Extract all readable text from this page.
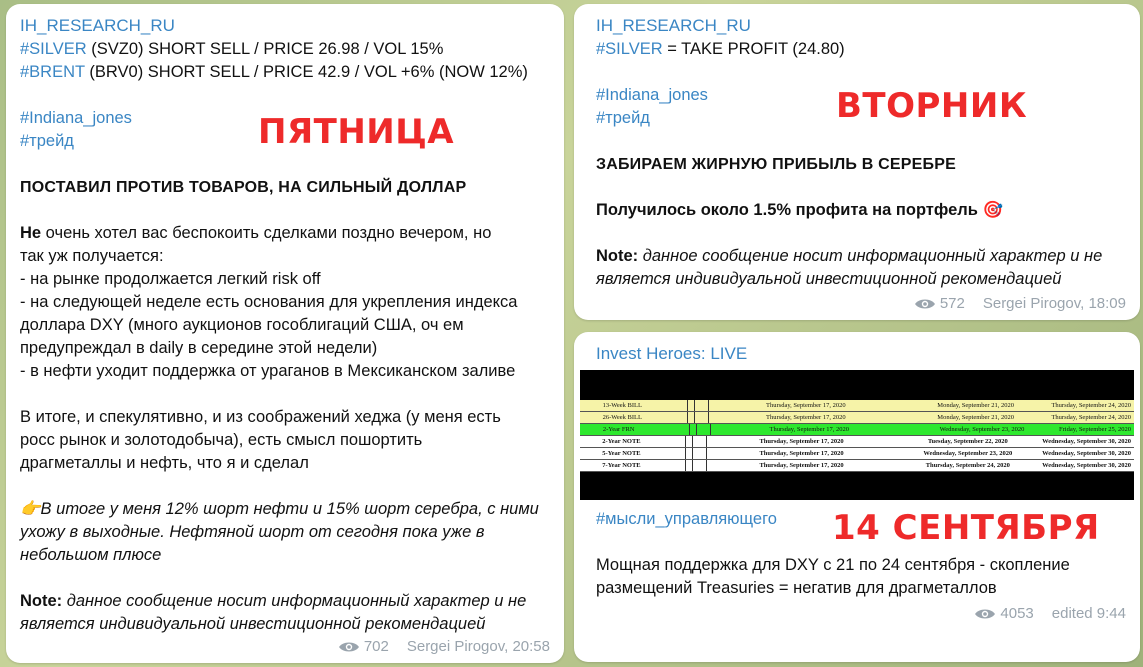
IH_RESEARCH_RU
#SILVER (SVZ0) SHORT SELL / PRICE 26.98 / VOL 15%
#BRENT (BRV0) SHORT SELL / PRICE 42.9 / VOL +6% (NOW 12%)
#Indiana_jones
#трейд	ПЯТНИЦА
ПОСТАВИЛ ПРОТИВ ТОВАРОВ, НА СИЛЬНЫЙ ДОЛЛАР
Не очень хотел вас беспокоить сделками поздно вечером, но
так уж получается:
- на рынке продолжается легкий risk off
- на следующей неделе есть основания для укрепления индекса
доллара DXY (много аукционов гособлигаций США, оч ем
предупреждал в daily в середине этой недели)
- в нефти уходит поддержка от ураганов в Мексиканском заливе
В итоге, и спекулятивно, и из соображений хеджа (у меня есть
росс рынок и золотодобыча), есть смысл пошортить
драгметаллы и нефть, что я и сделал
👉В итоге у меня 12% шорт нефти и 15% шорт серебра, с ними
ухожу в выходные. Нефтяной шорт от сегодня пока уже в
небольшом плюсе
Note: данное сообщение носит информационный характер и не
является индивидуальной инвестиционной рекомендацией
702 Sergei Pirogov, 20:58
IH_RESEARCH_RU
#SILVER = TAKE PROFIT (24.80)
#Indiana_jones
#трейд	ВТОРНИК
ЗАБИРАЕМ ЖИРНУЮ ПРИБЫЛЬ В СЕРЕБРЕ
Получилось около 1.5% профита на портфель 🎯
Note: данное сообщение носит информационный характер и не
является индивидуальной инвестиционной рекомендацией
572 Sergei Pirogov, 18:09
Invest Heroes: LIVE
13-Week BILL	Thursday, September 17, 2020	Monday, September 21, 2020	Thursday, September 24, 2020
26-Week BILL	Thursday, September 17, 2020	Monday, September 21, 2020	Thursday, September 24, 2020
2-Year FRN	Thursday, September 17, 2020	Wednesday, September 23, 2020	Friday, September 25, 2020
2-Year NOTE	Thursday, September 17, 2020	Tuesday, September 22, 2020	Wednesday, September 30, 2020
5-Year NOTE	Thursday, September 17, 2020	Wednesday, September 23, 2020	Wednesday, September 30, 2020
7-Year NOTE	Thursday, September 17, 2020	Thursday, September 24, 2020	Wednesday, September 30, 2020
#мысли_управляющего 14 СЕНТЯБРЯ
Мощная поддержка для DXY с 21 по 24 сентября - скопление
размещений Treasuries = негатив для драгметаллов
4053 edited 9:44
